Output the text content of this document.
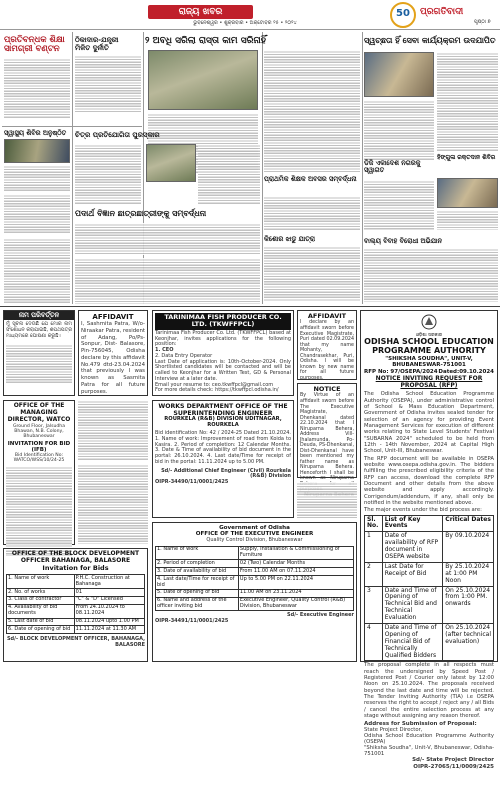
ରାଜ୍ୟ ଖବର
ଭୁବନେଶ୍ୱର • ଶୁକ୍ରବାର • ଅକ୍ଟୋବର ୨୫ • ୨୦୨୪
50	ପ୍ରଗତିବାଦୀ
ପୃଷ୍ଠା ୭
ପ୍ରତିବନ୍ଧକ ଶିକ୍ଷା ସାମଗ୍ରୀ ବଣ୍ଟନ
ଠିକାଦାର-ଯନ୍ତ୍ରୀ
ମିଳିତ ଦୁର୍ନୀତି
୨ ଅବଧି ସରିଲା ରାସ୍ତା କାମ ସରିନାହିଁ	ସ୍ୱଚ୍ଛତା ହିଁ ସେବା କାର୍ଯ୍ୟକ୍ରମ ଉଦଯାପିତ
ସ୍ୱାସ୍ଥ୍ୟ ଶିବିର ଅନୁଷ୍ଠିତ	ଚିତ୍ର ପ୍ରତିଯୋଗିତା ପୁରସ୍କାର
ପ୍ରାଥମିକ ଶିକ୍ଷକ ଅବସର ସମ୍ବର୍ଦ୍ଧନା
ଡିଜି ଏକାଦେଶ ନଗରକୁ ସ୍ୱାଗତ
ହିଙ୍ଗୁଳା ରକ୍ତଦାନ ଶିବିର
ପଦାର୍ଥ ବିଜ୍ଞାନ ଛାତ୍ରଛାତ୍ରୀଙ୍କୁ ସମ୍ବର୍ଦ୍ଧନା
କିଶୋର ଝାଡୁ ଯାତ୍ରା	ବାଲ୍ୟ ବିବାହ ବିରୋଧୀ ଅଭିଯାନ
ନାମ ପରିବର୍ତ୍ତନ
ମୁଁ ସୂଚନା ଦେଉଛି ଯେ ମୋର ନାମ ସଂଶୋଧନ କରାଯାଇଛି, ଶପଥପତ୍ର ମାଧ୍ୟମରେ ଘୋଷଣା କରୁଛି।
AFFIDAVIT
I, Sashmita Patra, W/o-Niraakar Patra, resident of Adang, Po/Ps- Sonpur, Dist- Balasore, Pin-756045, Odisha declare by this affidavit No.479 dtd-23.04.2024 that previously I was known as Sasmita Patra for all future purposes.
TARINIMAA FISH PRODUCER CO. LTD. (TKWFFPCL)
Tarinimaa Fish Producer Co. Ltd. (TKWFFPCL) based at Keonjhar, invites applications for the following position:
1. CEO
2. Data Entry Operator
Last Date of application is: 10th-October-2024. Only Shortlisted candidates will be contacted and will be called to Keonjhar for a Written Test, GD & Personal Interview at a later date.
Email your resume to: ceo.tkwffpcl@gmail.com
For more details check: https://tkwffpcl.odisha.in/
AFFIDAVIT
I declare by an affidavit sworn before Executive Magistrate, Puri dated 02.09.2024 that my name Mohanty, Chandrasekhar, Puri, Odisha. I will be known by new name for all future purposes.
NOTICE
By Virtue of an affidavit sworn before The Executive Magistrate, Dhenkanal dated 22.10.2024 that I Niruparna Behera, Address Vill-Jhalamunda, Po-Deuda, PS-Dhenkanal, Dist-Dhenkanal have been mentioned my father name as Niruparna Behera. Henceforth I shall be known as Niruparna
OFFICE OF THE MANAGING DIRECTOR, WATCO
Ground Floor, Jalsudha Bhawan, N.B. Colony, Bhubaneswar
INVITATION FOR BID (IFB)
Bid Identification No: WATCO/WSS/10/24-25
WORKS DEPARTMENT OFFICE OF THE SUPERINTENDING ENGINEER
ROURKELA (R&B) DIVISION UDITNAGAR, ROURKELA
Bid identification No: 42 / 2024-25 Dated 21.10.2024. 1. Name of work: Improvement of road from Koida to Kasira. 2. Period of completion: 12 Calendar Months. 3. Date & Time of availability of bid document in the portal: 26.10.2024. 4. Last date/Time for receipt of bid in the portal: 11.11.2024 up to 5.00 PM.
Sd/- Additional Chief Engineer (Civil) Rourkela (R&B) Division
OIPR-34490/11/0001/2425
Government of Odisha
OFFICE OF THE EXECUTIVE ENGINEER
Quality Control Division, Bhubaneswar
1. Name of work	Supply, Installation & Commissioning of Furniture
2. Period of completion	02 (Two) Calendar Months
3. Date of availability of bid	From 11.00 AM on 07.11.2024
4. Last date/Time for receipt of bid	Up to 5.00 PM on 22.11.2024
5. Date of opening of bid	11.00 AM on 23.11.2024
6. Name and address of the officer inviting bid	Executive Engineer, Quality Control (R&B) Division, Bhubaneswar
Sd/- Executive Engineer
OIPR-34491/11/0001/2425
OFFICE OF THE BLOCK DEVELOPMENT OFFICER BAHANAGA, BALASORE
Invitation for Bids
1. Name of work	P.H.C. Construction at Bahanaga
2. No. of works	01
3. Class of contractor	"C" & "D" Licensed
4. Availability of bid documents	From 24.10.2024 to 08.11.2024
5. Last date of bid	08.11.2024 upto 1.00 PM
6. Date of opening of bid	11.11.2024 at 11.30 AM
Sd/- BLOCK DEVELOPMENT OFFICER, BAHANAGA, BALASORE
ଓଡ଼ିଶା ସରକାର
ODISHA SCHOOL EDUCATION PROGRAMME AUTHORITY
"SHIKSHA SOUDHA", UNIT-V, BHUBANESWAR-751001
RFP No: 97/OSEPA/2024 Dated:09.10.2024
NOTICE INVITING REQUEST FOR PROPOSAL (RFP)
The Odisha School Education Programme Authority (OSEPA), under administrative control of School & Mass Education Department, Government of Odisha invites sealed tender for selection of an agency for providing Event Management Services for execution of different works relating to State Level Students' Festival "SUBARNA 2024" scheduled to be held from 12th - 14th November, 2024 at Capital High School, Unit-III, Bhubaneswar.
The RFP document will be available in OSEPA website www.osepa.odisha.gov.in. The bidders fulfilling the prescribed eligibility criteria of the RFP can access, download the complete RFP Document and other details from the above website and apply accordingly. Corrigendum/addendum, if any, shall only be notified in the website mentioned above.
The major events under the bid process are:
Sl. No.	List of Key Events	Critical Dates
1	Date of availability of RFP document in OSEPA website	By 09.10.2024
2	Last Date for Receipt of Bid	By 25.10.2024 at 1:00 PM Noon
3	Date and Time of Opening of Technical Bid and Technical Evaluation	On 25.10.2024 from 1:00 PM. onwards
4	Date and Time of Opening of Financial Bid of Technically Qualified Bidders	On 25.10.2024 (after technical evaluation)
The proposal complete in all respects must reach the undersigned by Speed Post / Registered Post / Courier only latest by 12:00 Noon on 25.10.2024. The proposals received beyond the last date and time will be rejected. The Tender Inviting Authority (TIA) i.e OSEPA reserves the right to accept / reject any / all Bids / cancel the entire selection process at any stage without assigning any reason thereof.
Address for Submission of Proposal:
State Project Director,
Odisha School Education Programme Authority (OSEPA)
"Shiksha Soudha", Unit-V, Bhubaneswar, Odisha-751001
Sd/- State Project Director
OIPR-27065/11/0009/2425
